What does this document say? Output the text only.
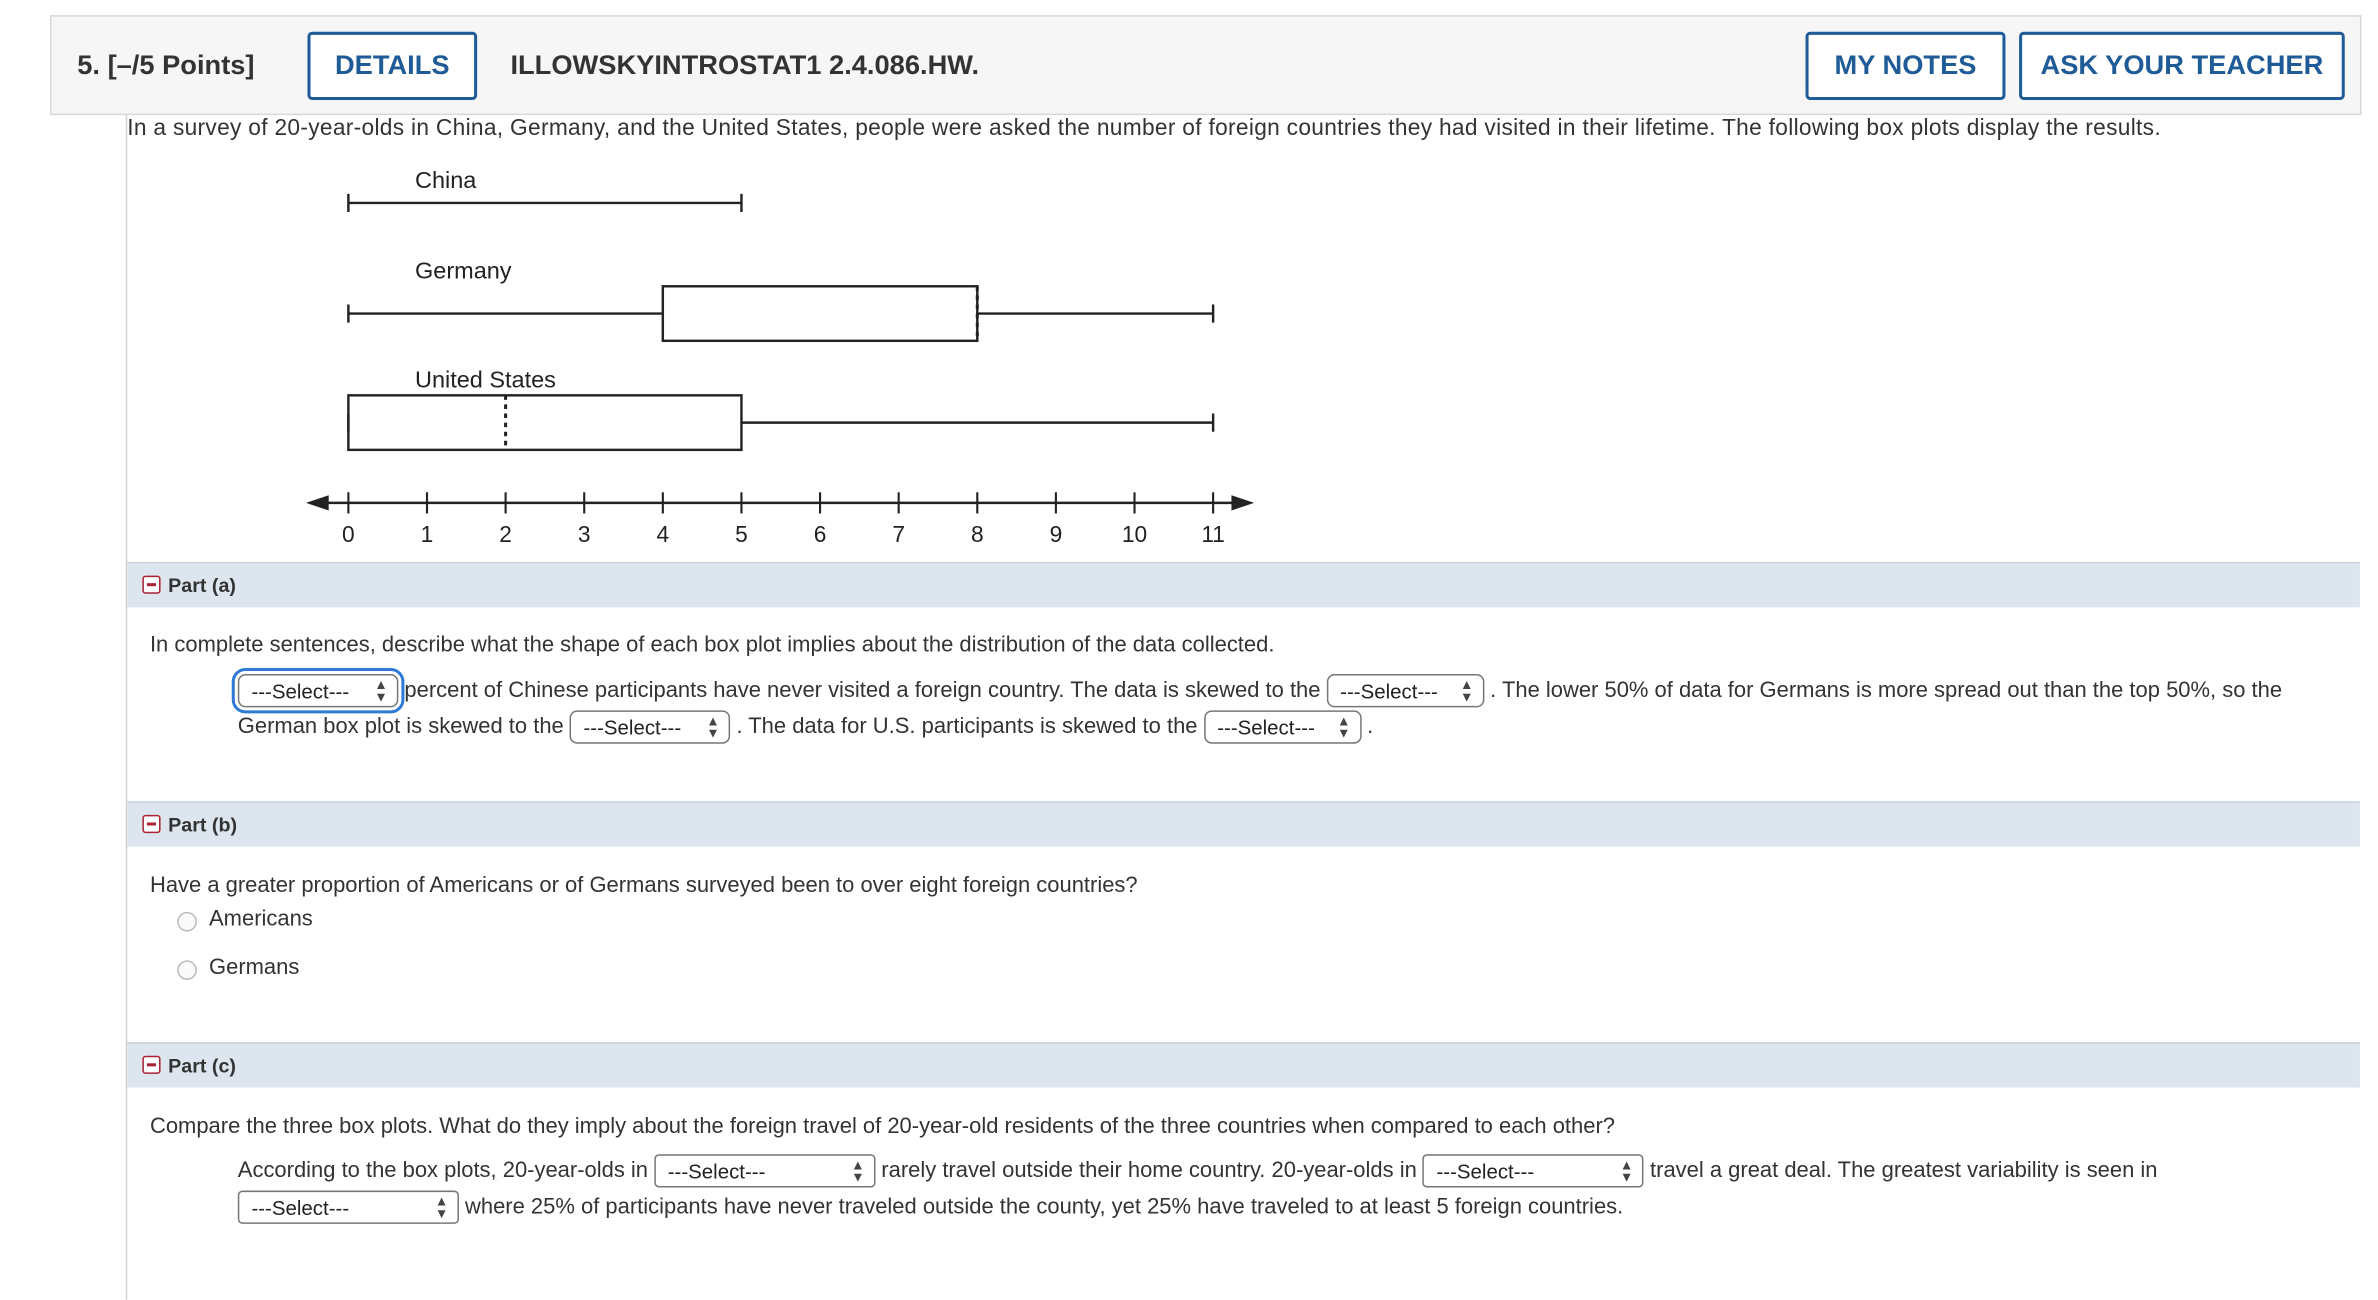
5. [–/5 Points]	DETAILS	ILLOWSKYINTROSTAT1 2.4.086.HW.	MY NOTES	ASK YOUR TEACHER
In a survey of 20-year-olds in China, Germany, and the United States, people were asked the number of foreign countries they had visited in their lifetime. The following box plots display the results.
China
Germany
United States
0	1	2	3	4	5	6	7	8	9	10	11
Part (a)
In complete sentences, describe what the shape of each box plot implies about the distribution of the data collected.
---Select---	▲
▼ percent of Chinese participants have never visited a foreign country. The data is skewed to the ---Select--- ▲
▼ . The lower 50% of data for Germans is more spread out than the top 50%, so the
German box plot is skewed to the ---Select---	▲
▼ . The data for U.S. participants is skewed to the ---Select--- ▲
▼ .
Part (b)
Have a greater proportion of Americans or of Germans surveyed been to over eight foreign countries?
Americans
Germans
Part (c)
Compare the three box plots. What do they imply about the foreign travel of 20-year-old residents of the three countries when compared to each other?
According to the box plots, 20-year-olds in ---Select---	▲
▼ rarely travel outside their home country. 20-year-olds in ---Select---	▲
▼ travel a great deal. The greatest variability is seen in
---Select---	▲
▼ where 25% of participants have never traveled outside the county, yet 25% have traveled to at least 5 foreign countries.
